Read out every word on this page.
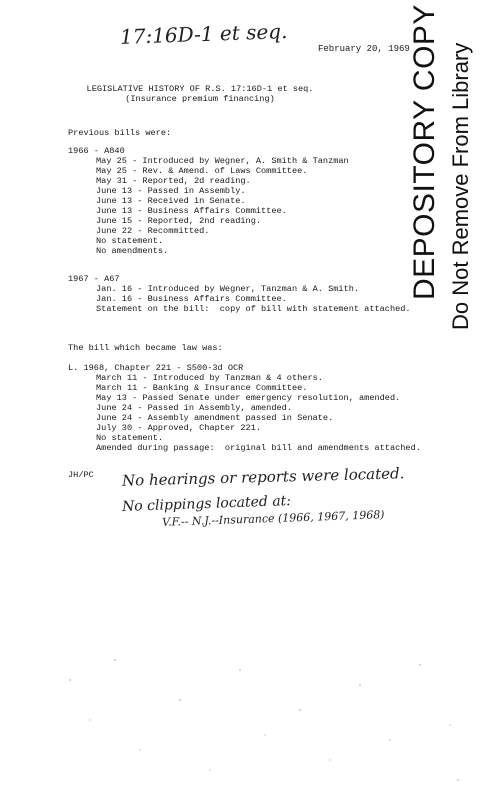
17:16D-1 et seq.
February 20, 1969
LEGISLATIVE HISTORY OF R.S. 17:16D-1 et seq.
(Insurance premium financing)
Previous bills were:
1966 - A840
May 25 - Introduced by Wegner, A. Smith & Tanzman
May 25 - Rev. & Amend. of Laws Committee.
May 31 - Reported, 2d reading.
June 13 - Passed in Assembly.
June 13 - Received in Senate.
June 13 - Business Affairs Committee.
June 15 - Reported, 2nd reading.
June 22 - Recommitted.
No statement.
No amendments.
1967 - A67
Jan. 16 - Introduced by Wegner, Tanzman & A. Smith.
Jan. 16 - Business Affairs Committee.
Statement on the bill:  copy of bill with statement attached.
The bill which became law was:
L. 1968, Chapter 221 - S500-3d OCR
March 11 - Introduced by Tanzman & 4 others.
March 11 - Banking & Insurance Committee.
May 13 - Passed Senate under emergency resolution, amended.
June 24 - Passed in Assembly, amended.
June 24 - Assembly amendment passed in Senate.
July 30 - Approved, Chapter 221.
No statement.
Amended during passage:  original bill and amendments attached.
JH/PC No hearings or reports were located.
No clippings located at:
V.F.-- N.J.--Insurance (1966, 1967, 1968)
DEPOSITORY COPY Do Not Remove From Library
